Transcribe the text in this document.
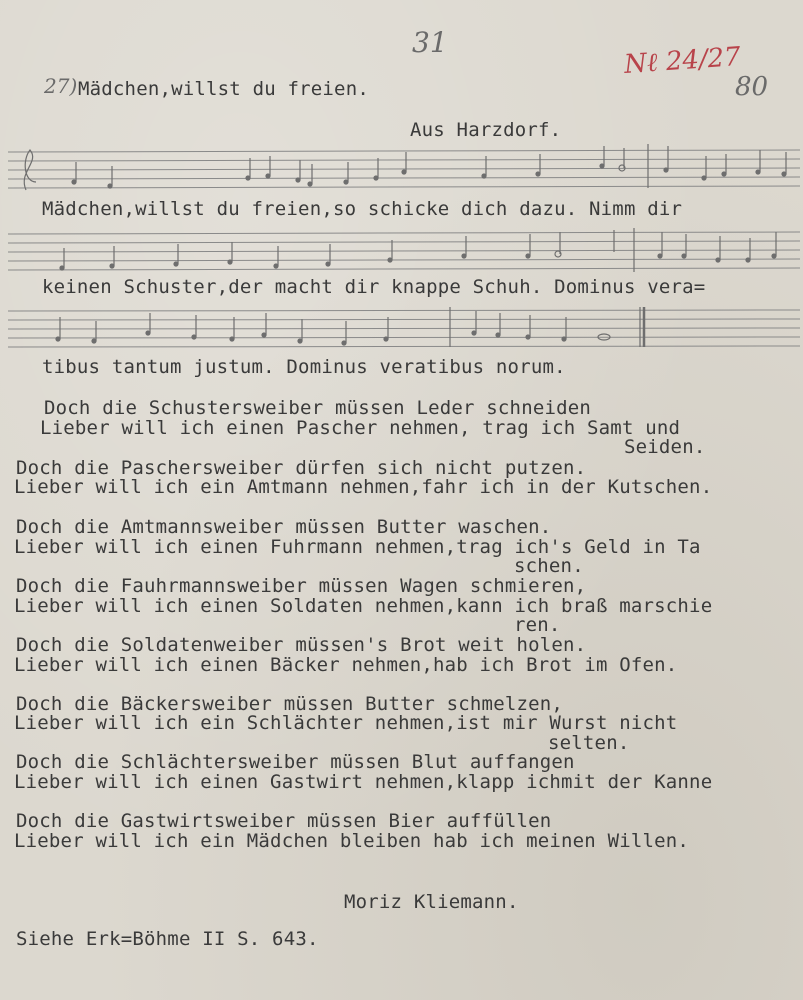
31	Nℓ 24/27
80
27) Mädchen,willst du freien.
Aus Harzdorf.
Mädchen,willst du freien,so schicke dich dazu. Nimm dir
keinen Schuster,der macht dir knappe Schuh. Dominus vera=
tibus tantum justum. Dominus veratibus norum.
Doch die Schustersweiber müssen Leder schneiden
Lieber will ich einen Pascher nehmen, trag ich Samt und
Seiden.
Doch die Paschersweiber dürfen sich nicht putzen.
Lieber will ich ein Amtmann nehmen,fahr ich in der Kutschen.
Doch die Amtmannsweiber müssen Butter waschen.
Lieber will ich einen Fuhrmann nehmen,trag ich's Geld in Ta
schen.
Doch die Fauhrmannsweiber müssen Wagen schmieren,
Lieber will ich einen Soldaten nehmen,kann ich braß marschie
ren.
Doch die Soldatenweiber müssen's Brot weit holen.
Lieber will ich einen Bäcker nehmen,hab ich Brot im Ofen.
Doch die Bäckersweiber müssen Butter schmelzen,
Lieber will ich ein Schlächter nehmen,ist mir Wurst nicht
selten.
Doch die Schlächtersweiber müssen Blut auffangen
Lieber will ich einen Gastwirt nehmen,klapp ichmit der Kanne
Doch die Gastwirtsweiber müssen Bier auffüllen
Lieber will ich ein Mädchen bleiben hab ich meinen Willen.
Moriz Kliemann.
Siehe Erk=Böhme II S. 643.
